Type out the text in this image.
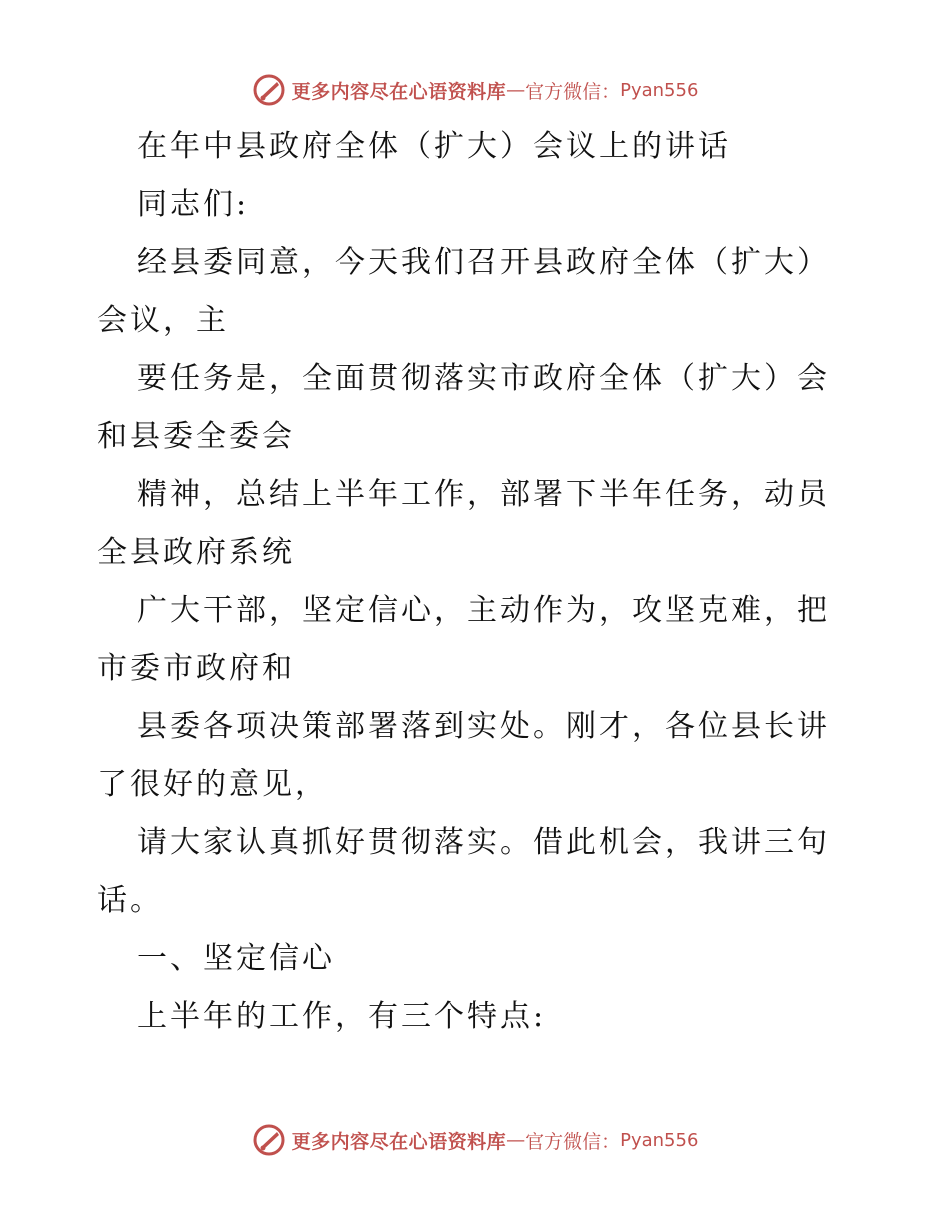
更多内容尽在心语资料库 — 官方微信： Pyan556

在年中县政府全体（扩大）会议上的讲话

同志们:

经县委同意，今天我们召开县政府全体（扩大）

会议，主

要任务是，全面贯彻落实市政府全体（扩大）会

和县委全委会

精神，总结上半年工作，部署下半年任务，动员

全县政府系统

广大干部，坚定信心，主动作为，攻坚克难，把

市委市政府和

县委各项决策部署落到实处。刚才，各位县长讲

了很好的意见，

请大家认真抓好贯彻落实。借此机会，我讲三句

话。

一、坚定信心

上半年的工作，有三个特点:

更多内容尽在心语资料库 — 官方微信： Pyan556
